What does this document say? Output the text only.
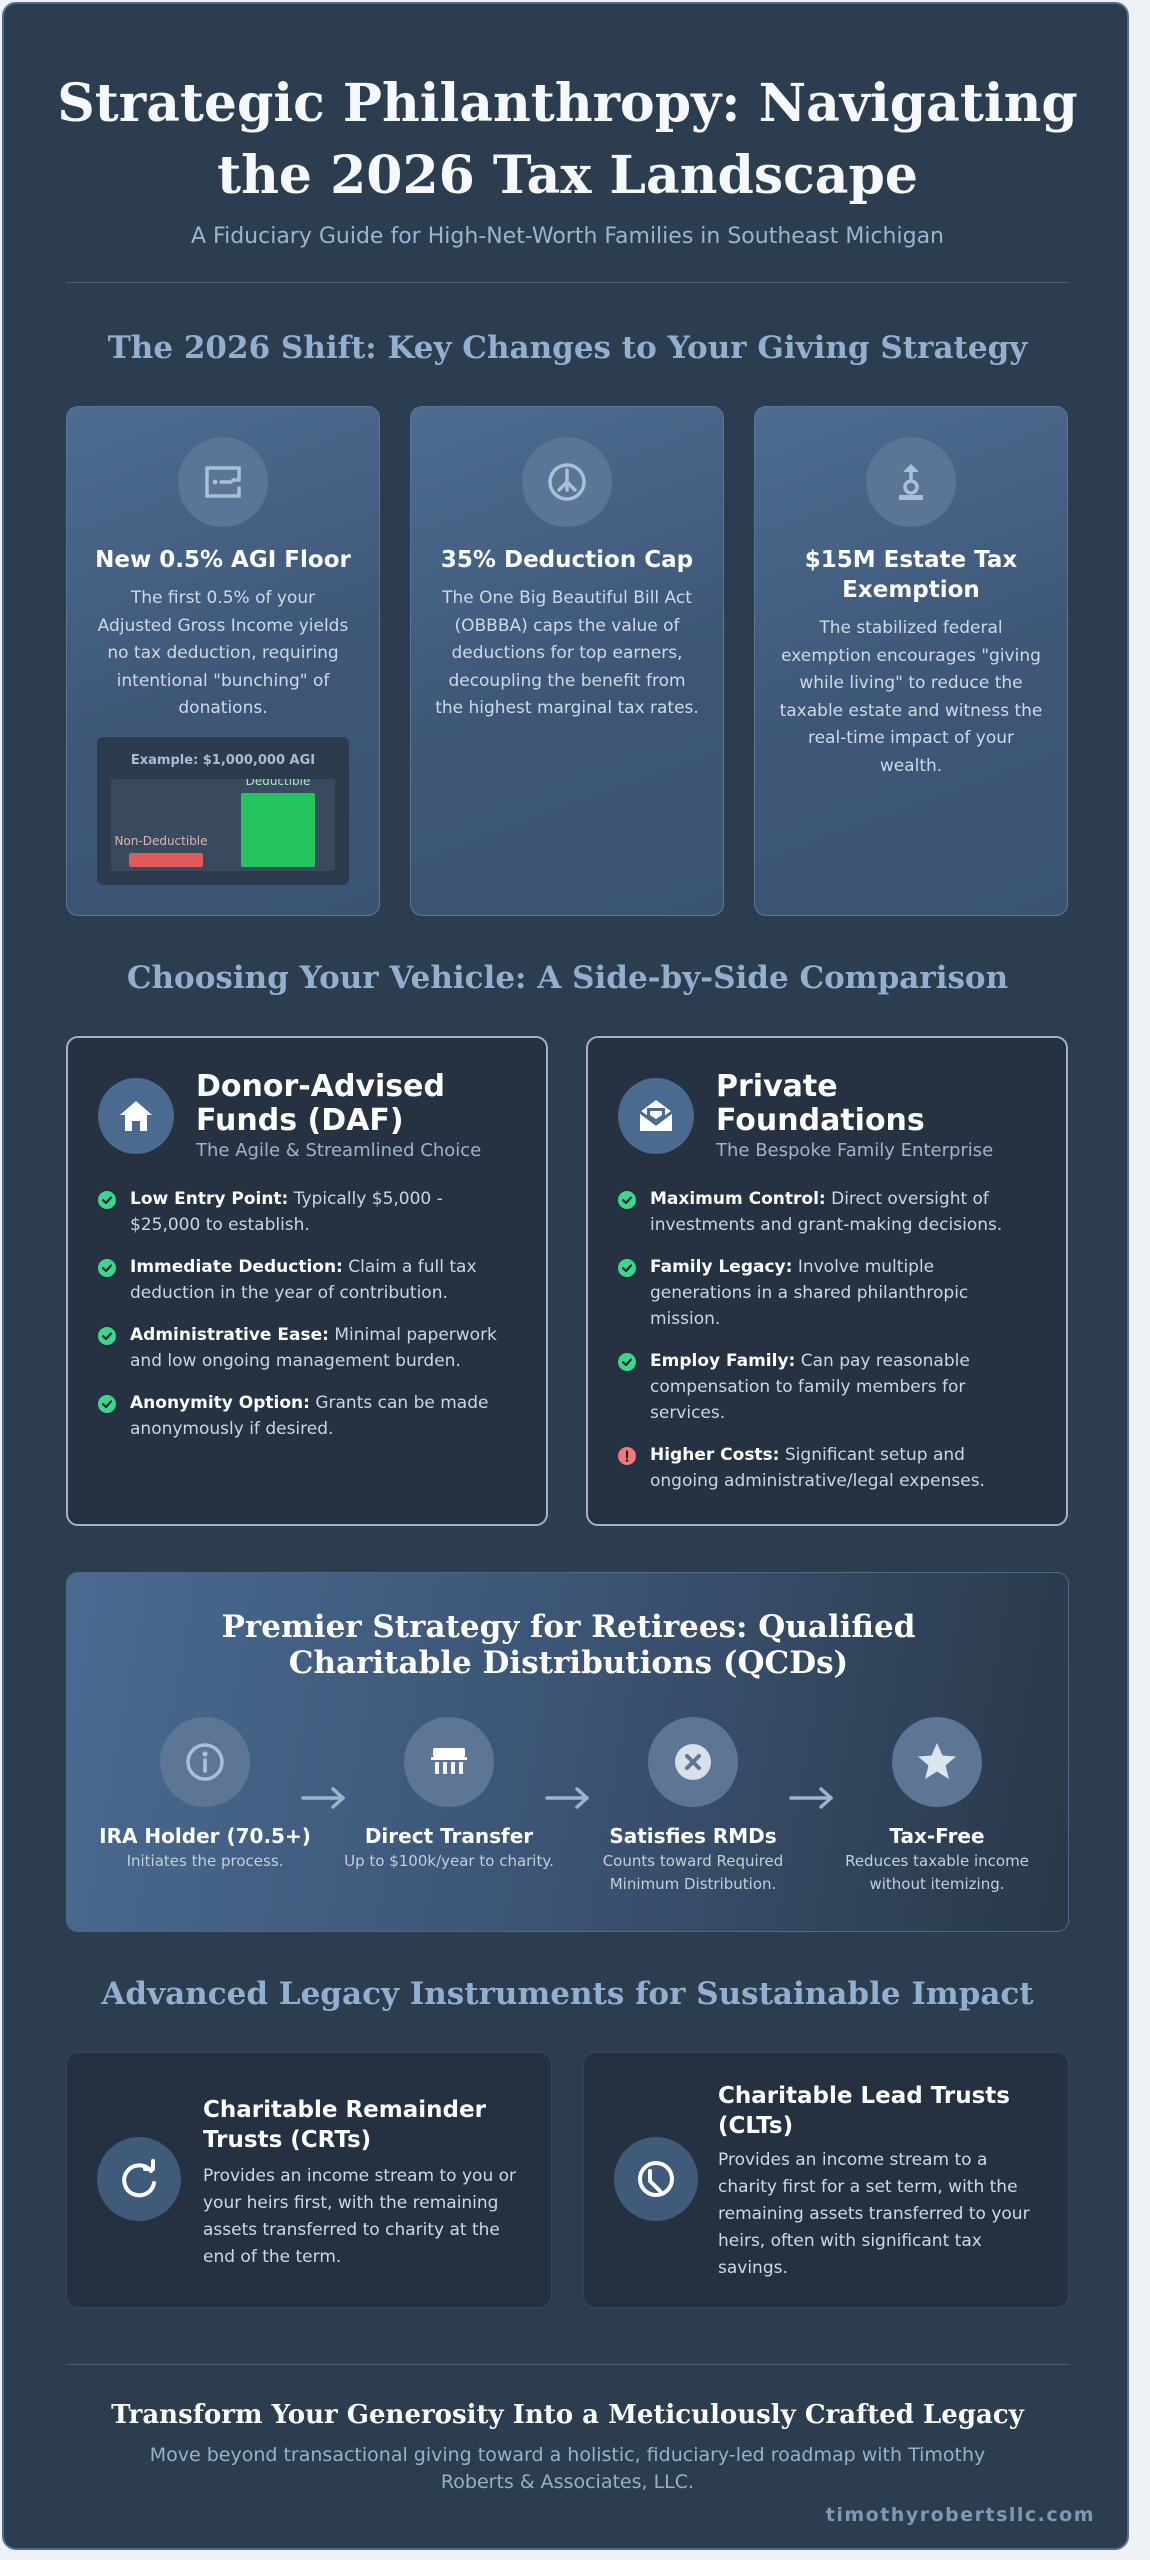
Strategic Philanthropy: Navigating the 2026 Tax Landscape

A Fiduciary Guide for High-Net-Worth Families in Southeast Michigan

The 2026 Shift: Key Changes to Your Giving Strategy
New 0.5% AGI Floor
The first 0.5% of your Adjusted Gross Income yields no tax deduction, requiring intentional "bunching" of donations.
Example: $1,000,000 AGI
Non-Deductible
Deductible
35% Deduction Cap
The One Big Beautiful Bill Act (OBBBA) caps the value of deductions for top earners, decoupling the benefit from the highest marginal tax rates.
$15M Estate Tax Exemption
The stabilized federal exemption encourages "giving while living" to reduce the taxable estate and witness the real-time impact of your wealth.
Choosing Your Vehicle: A Side-by-Side Comparison
Donor-Advised Funds (DAF)
The Agile & Streamlined Choice
Low Entry Point: Typically $5,000 - $25,000 to establish.
Immediate Deduction: Claim a full tax deduction in the year of contribution.
Administrative Ease: Minimal paperwork and low ongoing management burden.
Anonymity Option: Grants can be made anonymously if desired.
Private Foundations
The Bespoke Family Enterprise
Maximum Control: Direct oversight of investments and grant-making decisions.
Family Legacy: Involve multiple generations in a shared philanthropic mission.
Employ Family: Can pay reasonable compensation to family members for services.
Higher Costs: Significant setup and ongoing administrative/legal expenses.
Premier Strategy for Retirees: Qualified Charitable Distributions (QCDs)
IRA Holder (70.5+)
Initiates the process.
Direct Transfer
Up to $100k/year to charity.
Satisfies RMDs
Counts toward Required Minimum Distribution.
Tax-Free
Reduces taxable income without itemizing.
Advanced Legacy Instruments for Sustainable Impact
Charitable Remainder Trusts (CRTs)
Provides an income stream to you or your heirs first, with the remaining assets transferred to charity at the end of the term.
Charitable Lead Trusts (CLTs)
Provides an income stream to a charity first for a set term, with the remaining assets transferred to your heirs, often with significant tax savings.
Transform Your Generosity Into a Meticulously Crafted Legacy
Move beyond transactional giving toward a holistic, fiduciary-led roadmap with Timothy Roberts & Associates, LLC.
timothyrobertsllc.com
